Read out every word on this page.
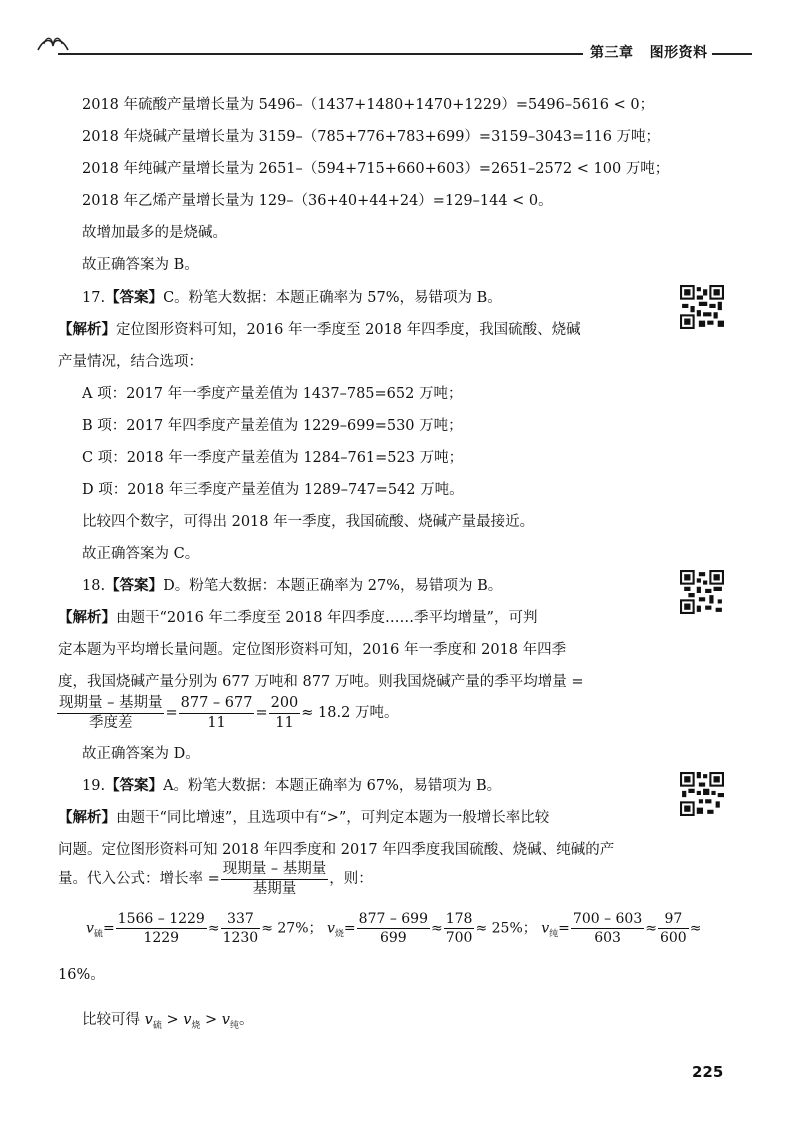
第三章 图形资料
2018 年硫酸产量增长量为 5496–（1437+1480+1470+1229）=5496–5616 < 0；
2018 年烧碱产量增长量为 3159–（785+776+783+699）=3159–3043=116 万吨；
2018 年纯碱产量增长量为 2651–（594+715+660+603）=2651–2572 < 100 万吨；
2018 年乙烯产量增长量为 129–（36+40+44+24）=129–144 < 0。
故增加最多的是烧碱。
故正确答案为 B。
17.【答案】C。粉笔大数据：本题正确率为 57%，易错项为 B。
【解析】定位图形资料可知，2016 年一季度至 2018 年四季度，我国硫酸、烧碱
产量情况，结合选项：
A 项：2017 年一季度产量差值为 1437–785=652 万吨；
B 项：2017 年四季度产量差值为 1229–699=530 万吨；
C 项：2018 年一季度产量差值为 1284–761=523 万吨；
D 项：2018 年三季度产量差值为 1289–747=542 万吨。
比较四个数字，可得出 2018 年一季度，我国硫酸、烧碱产量最接近。
故正确答案为 C。
18.【答案】D。粉笔大数据：本题正确率为 27%，易错项为 B。
【解析】由题干“2016 年二季度至 2018 年四季度……季平均增量”，可判
定本题为平均增长量问题。定位图形资料可知，2016 年一季度和 2018 年四季
度，我国烧碱产量分别为 677 万吨和 877 万吨。则我国烧碱产量的季平均增量 =
$\frac{\text{现期量 – 基期量}}{\text{季度差}} = \frac{877 - 677}{11} = \frac{200}{11} \approx 18.2$ 万吨。
故正确答案为 D。
19.【答案】A。粉笔大数据：本题正确率为 67%，易错项为 B。
【解析】由题干“同比增速”，且选项中有“>”，可判定本题为一般增长率比较
问题。定位图形资料可知 2018 年四季度和 2017 年四季度我国硫酸、烧碱、纯碱的产
量。代入公式：增长率 = $\frac{\text{现期量 – 基期量}}{\text{基期量}}$ ，则：
$v_硫= \frac{1566 - 1229}{1229} \approx \frac{337}{1230} \approx 27\%$； $v_烧= \frac{877 - 699}{699} \approx \frac{178}{700} \approx 25\%$； $v_纯= \frac{700 - 603}{603} \approx \frac{97}{600}$ ≈
16%。
比较可得 $v_硫 > v_烧 > v_纯$。
225
